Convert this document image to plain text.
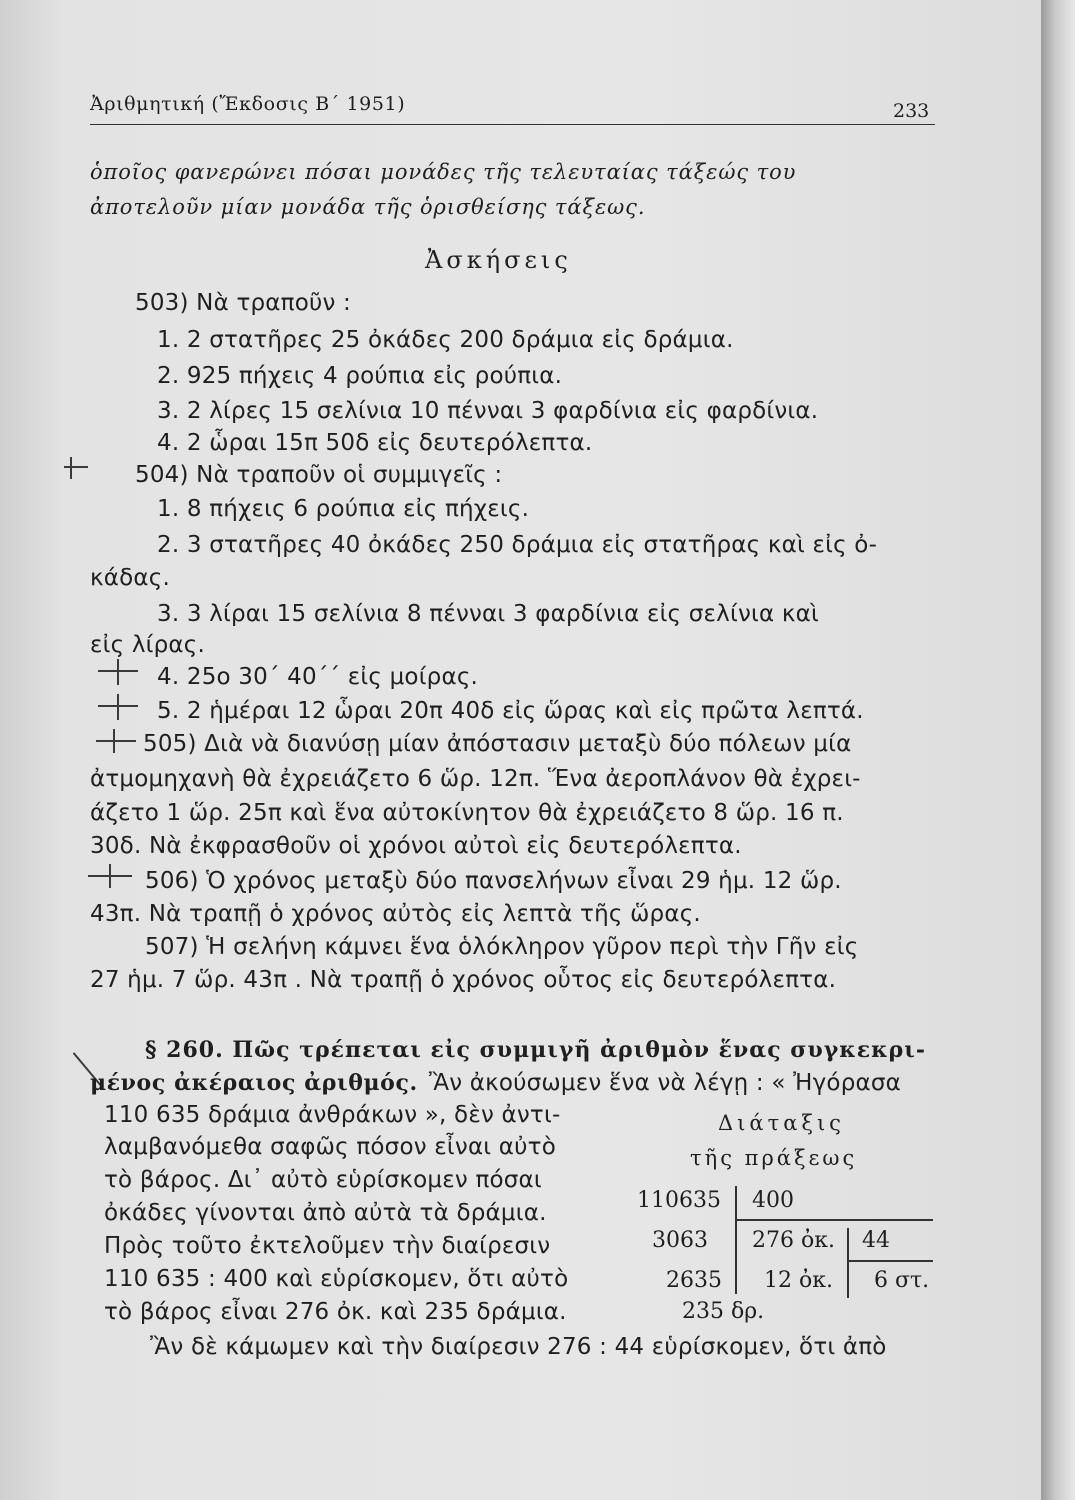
Ἀριθμητική (Ἔκδοσις Β΄ 1951)	233
ὁποῖος φανερώνει πόσαι μονάδες τῆς τελευταίας τάξεώς του
ἀποτελοῦν μίαν μονάδα τῆς ὁρισθείσης τάξεως.
Ἀσκήσεις
503) Νὰ τραποῦν :
1. 2 στατῆρες 25 ὀκάδες 200 δράμια εἰς δράμια.
2. 925 πήχεις 4 ρούπια εἰς ρούπια.
3. 2 λίρες 15 σελίνια 10 πένναι 3 φαρδίνια εἰς φαρδίνια.
4. 2 ὧραι 15π 50δ εἰς δευτερόλεπτα.
504) Νὰ τραποῦν οἱ συμμιγεῖς :
1. 8 πήχεις 6 ρούπια εἰς πήχεις.
2. 3 στατῆρες 40 ὀκάδες 250 δράμια εἰς στατῆρας καὶ εἰς ὀ-
κάδας.
3. 3 λίραι 15 σελίνια 8 πένναι 3 φαρδίνια εἰς σελίνια καὶ
εἰς λίρας.
4. 25ο 30΄ 40΄΄ εἰς μοίρας.
5. 2 ἡμέραι 12 ὧραι 20π 40δ εἰς ὥρας καὶ εἰς πρῶτα λεπτά.
505) Διὰ νὰ διανύσῃ μίαν ἀπόστασιν μεταξὺ δύο πόλεων μία
ἀτμομηχανὴ θὰ ἐχρειάζετο 6 ὥρ. 12π. Ἕνα ἀεροπλάνον θὰ ἐχρει-
άζετο 1 ὥρ. 25π καὶ ἕνα αὐτοκίνητον θὰ ἐχρειάζετο 8 ὥρ. 16 π.
30δ. Νὰ ἐκφρασθοῦν οἱ χρόνοι αὐτοὶ εἰς δευτερόλεπτα.
506) Ὁ χρόνος μεταξὺ δύο πανσελήνων εἶναι 29 ἡμ. 12 ὥρ.
43π. Νὰ τραπῇ ὁ χρόνος αὐτὸς εἰς λεπτὰ τῆς ὥρας.
507) Ἡ σελήνη κάμνει ἕνα ὁλόκληρον γῦρον περὶ τὴν Γῆν εἰς
27 ἡμ. 7 ὥρ. 43π . Νὰ τραπῇ ὁ χρόνος οὗτος εἰς δευτερόλεπτα.
§ 260. Πῶς τρέπεται εἰς συμμιγῆ ἀριθμὸν ἕνας συγκεκρι-
μένος ἀκέραιος ἀριθμός. Ἂν ἀκούσωμεν ἕνα νὰ λέγῃ : « Ἠγόρασα
110 635 δράμια ἀνθράκων », δὲν ἀντι-
λαμβανόμεθα σαφῶς πόσον εἶναι αὐτὸ
τὸ βάρος. Δι᾽ αὐτὸ εὑρίσκομεν πόσαι
ὀκάδες γίνονται ἀπὸ αὐτὰ τὰ δράμια.
Πρὸς τοῦτο ἐκτελοῦμεν τὴν διαίρεσιν
110 635 : 400 καὶ εὑρίσκομεν, ὅτι αὐτὸ
τὸ βάρος εἶναι 276 ὀκ. καὶ 235 δράμια.
Διάταξις
τῆς πράξεως
110635 400
3063 276 ὀκ. 44
2635 12 ὀκ. 6 στ.
235 δρ.
Ἂν δὲ κάμωμεν καὶ τὴν διαίρεσιν 276 : 44 εὑρίσκομεν, ὅτι ἀπὸ
